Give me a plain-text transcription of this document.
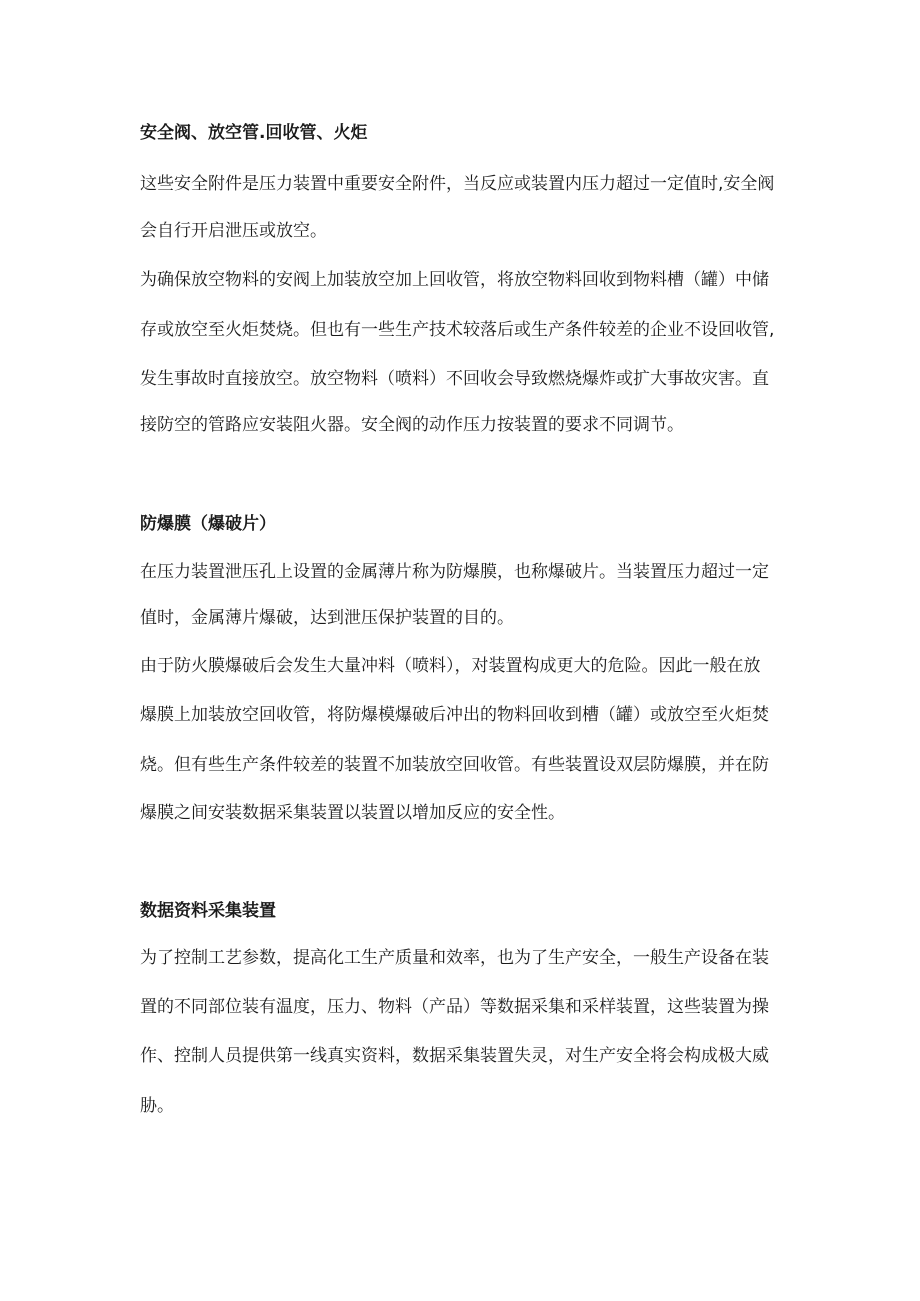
安全阀、放空管.回收管、火炬

这些安全附件是压力装置中重要安全附件，当反应或装置内压力超过一定值时,安全阀

会自行开启泄压或放空。

为确保放空物料的安阀上加装放空加上回收管，将放空物料回收到物料槽（罐）中储

存或放空至火炬焚烧。但也有一些生产技术较落后或生产条件较差的企业不设回收管,

发生事故时直接放空。放空物料（喷料）不回收会导致燃烧爆炸或扩大事故灾害。直

接防空的管路应安装阻火器。安全阀的动作压力按装置的要求不同调节。

防爆膜（爆破片）

在压力装置泄压孔上设置的金属薄片称为防爆膜，也称爆破片。当装置压力超过一定

值时，金属薄片爆破，达到泄压保护装置的目的。

由于防火膜爆破后会发生大量冲料（喷料），对装置构成更大的危险。因此一般在放

爆膜上加装放空回收管，将防爆模爆破后冲出的物料回收到槽（罐）或放空至火炬焚

烧。但有些生产条件较差的装置不加装放空回收管。有些装置设双层防爆膜，并在防

爆膜之间安装数据采集装置以装置以增加反应的安全性。

数据资料采集装置

为了控制工艺参数，提高化工生产质量和效率，也为了生产安全，一般生产设备在装

置的不同部位装有温度，压力、物料（产品）等数据采集和采样装置，这些装置为操

作、控制人员提供第一线真实资料，数据采集装置失灵，对生产安全将会构成极大威

胁。
